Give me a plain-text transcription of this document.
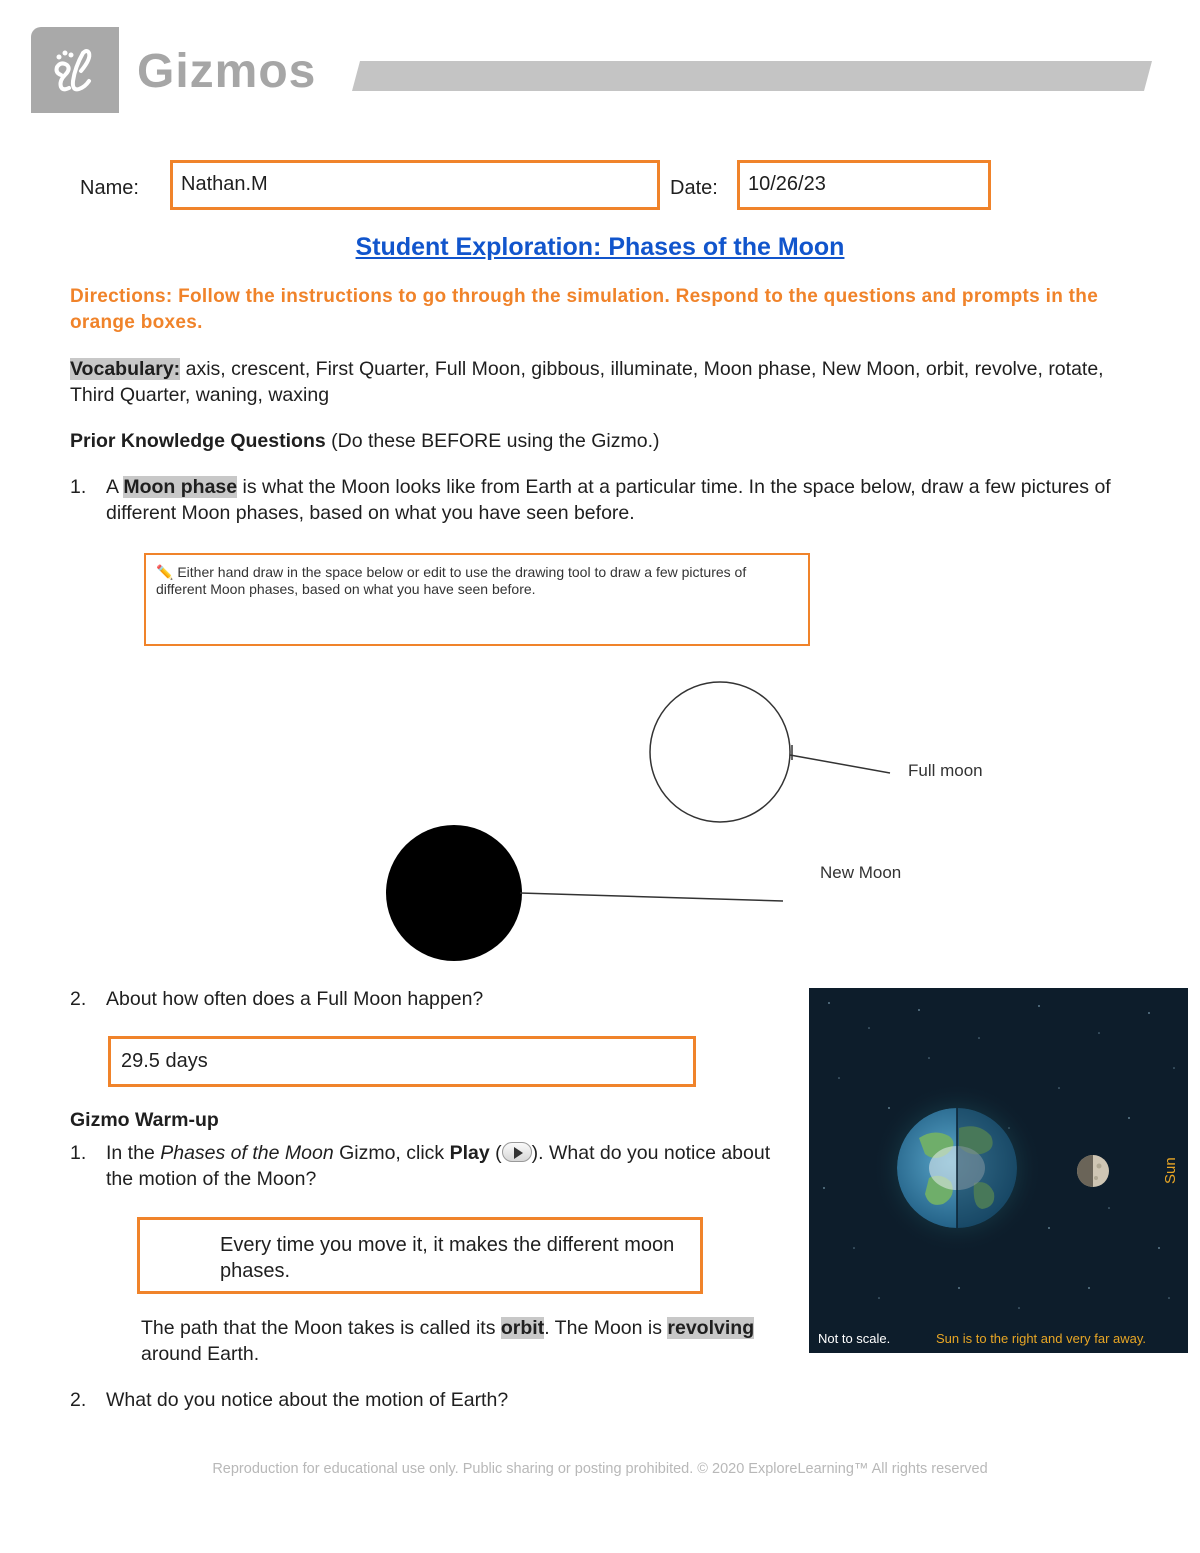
Gizmos
Name:	Nathan.M	Date:	10/26/23
Student Exploration: Phases of the Moon
Directions: Follow the instructions to go through the simulation. Respond to the questions and prompts in the orange boxes.
Vocabulary: axis, crescent, First Quarter, Full Moon, gibbous, illuminate, Moon phase, New Moon, orbit, revolve, rotate, Third Quarter, waning, waxing
Prior Knowledge Questions (Do these BEFORE using the Gizmo.)
1. A Moon phase is what the Moon looks like from Earth at a particular time. In the space below, draw a few pictures of different Moon phases, based on what you have seen before.
✏️ Either hand draw in the space below or edit to use the drawing tool to draw a few pictures of different Moon phases, based on what you have seen before.
Full moon
New Moon
2. About how often does a Full Moon happen?
29.5 days
Gizmo Warm-up
1. In the Phases of the Moon Gizmo, click Play ( ). What do you notice about the motion of the Moon?
Every time you move it, it makes the different moon phases.
The path that the Moon takes is called its orbit. The Moon is revolving around Earth.
2. What do you notice about the motion of Earth?
Sun
Not to scale.	Sun is to the right and very far away.
Reproduction for educational use only. Public sharing or posting prohibited. © 2020 ExploreLearning™ All rights reserved
